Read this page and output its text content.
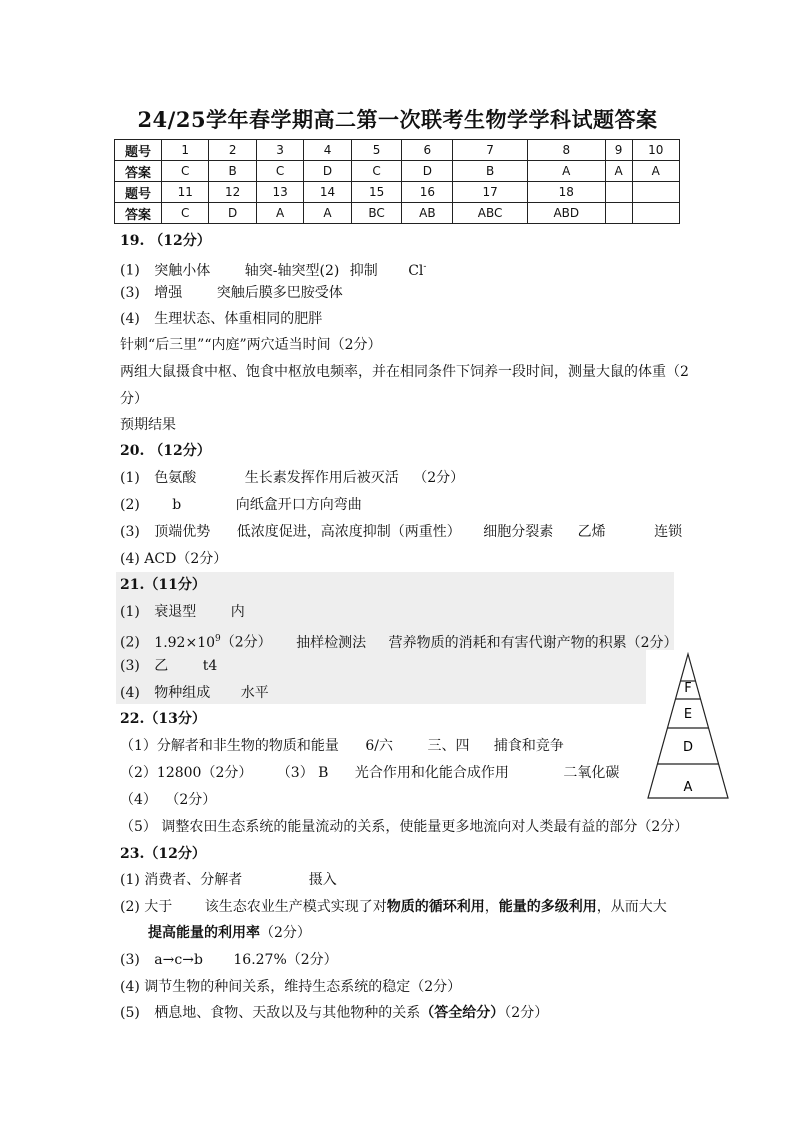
24/25学年春学期高二第一次联考生物学学科试题答案
题号	1	2	3	4	5	6	7	8	9	10
答案	C	B	C	D	C	D	B	A	A	A
题号	11	12	13	14	15	16	17	18		
答案	C	D	A	A	BC	AB	ABC	ABD		
19. （12分）
(1) 突触小体 轴突-轴突型(2) 抑制 Cl-
(3) 增强 突触后膜多巴胺受体
(4) 生理状态、体重相同的肥胖
针刺“后三里”“内庭”两穴适当时间（2分）
两组大鼠摄食中枢、饱食中枢放电频率，并在相同条件下饲养一段时间，测量大鼠的体重（2
分）
预期结果
20. （12分）
(1) 色氨酸	生长素发挥作用后被灭活 （2分）
(2) b	向纸盒开口方向弯曲
(3) 顶端优势 低浓度促进，高浓度抑制（两重性） 细胞分裂素 乙烯	连锁
(4) ACD（2分）
21.（11分）
(1) 衰退型 内
(2) $1.92\times 10^9(2$分） 抽样检测法 营养物质的消耗和有害代谢产物的积累（2分）
(3) 乙 t4
(4) 物种组成 水平	F
E
D
A
22.（13分）
（1）分解者和非生物的物质和能量 6/六 三、四 捕食和竞争
（2）12800（2分） （3） B 光合作用和化能合成作用	二氧化碳
（4） （2分）
（5） 调整农田生态系统的能量流动的关系，使能量更多地流向对人类最有益的部分（2分）
23.（12分）
(1) 消费者、分解者	摄入
(2) 大于 该生态农业生产模式实现了对物质的循环利用，能量的多级利用，从而大大
提高能量的利用率（2分）
(3) a→c→b 16.27%（2分）
(4) 调节生物的种间关系，维持生态系统的稳定（2分）
(5) 栖息地、食物、天敌以及与其他物种的关系（答全给分）（2分）
